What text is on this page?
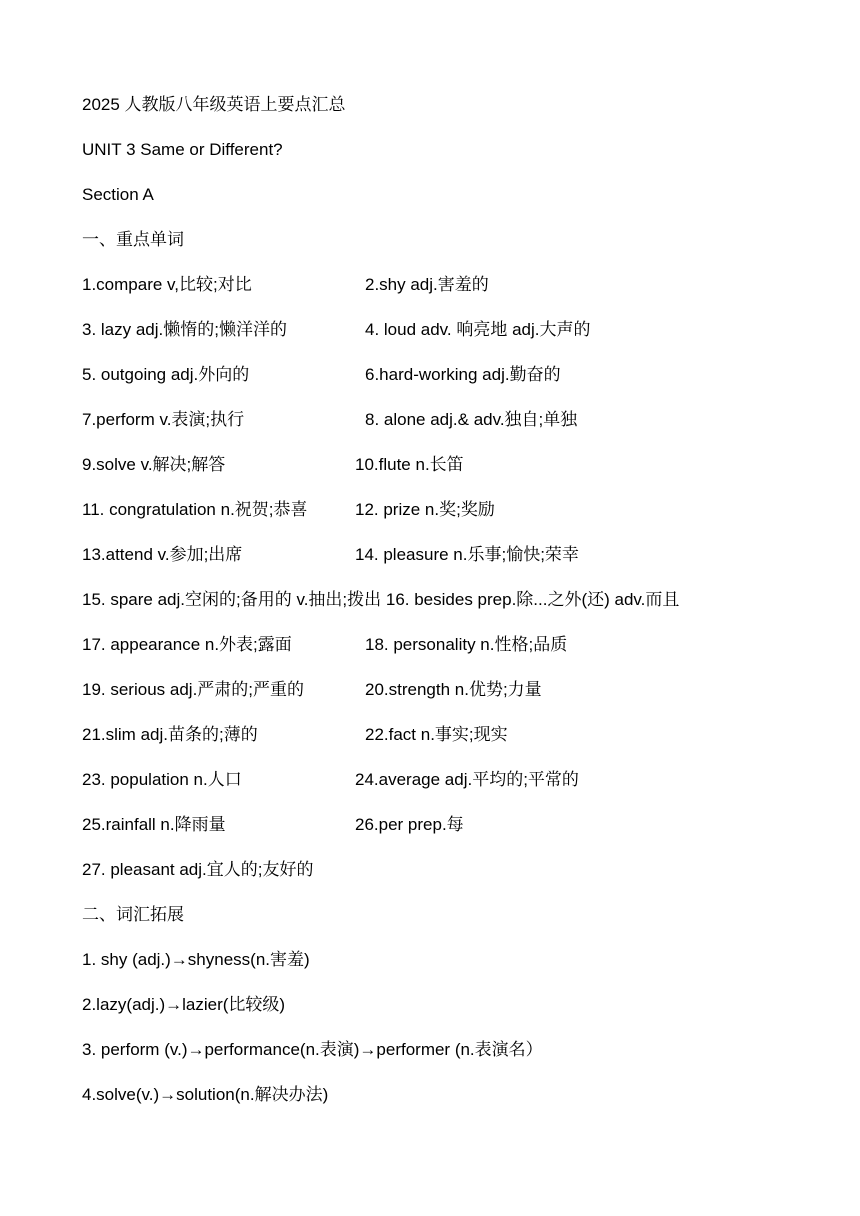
2025 人教版八年级英语上要点汇总
UNIT 3 Same or Different?
Section A
一、重点单词
1.compare v,比较;对比	2.shy adj.害羞的
3. lazy adj.懒惰的;懒洋洋的	4. loud adv. 响亮地 adj.大声的
5. outgoing adj.外向的	6.hard-working adj.勤奋的
7.perform v.表演;执行	8. alone adj.& adv.独自;单独
9.solve v.解决;解答	10.flute n.长笛
11. congratulation n.祝贺;恭喜	12. prize n.奖;奖励
13.attend v.参加;出席	14. pleasure n.乐事;愉快;荣幸
15. spare adj.空闲的;备用的 v.抽出;拨出 16. besides prep.除...之外(还) adv.而且
17. appearance n.外表;露面	18. personality n.性格;品质
19. serious adj.严肃的;严重的	20.strength n.优势;力量
21.slim adj.苗条的;薄的	22.fact n.事实;现实
23. population n.人口	24.average adj.平均的;平常的
25.rainfall n.降雨量	26.per prep.每
27. pleasant adj.宜人的;友好的
二、词汇拓展
1. shy (adj.)→shyness(n.害羞)
2.lazy(adj.)→lazier(比较级)
3. perform (v.)→performance(n.表演)→performer (n.表演名）
4.solve(v.)→solution(n.解决办法)
